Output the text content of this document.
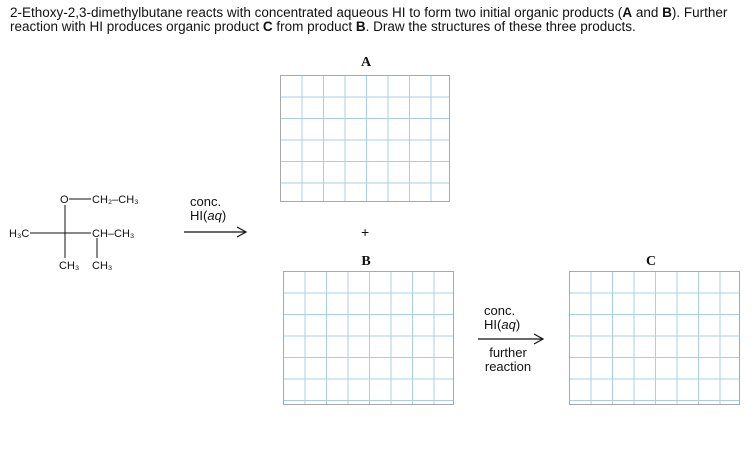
2-Ethoxy-2,3-dimethylbutane reacts with concentrated aqueous HI to form two initial organic products (A and B). Further reaction with HI produces organic product C from product B. Draw the structures of these three products.
A
+
B	C
conc.
HI(aq)
conc.
HI(aq)
further
reaction
O CH₂–CH₃
H₃C	CH–CH₃
CH₃ CH₃
